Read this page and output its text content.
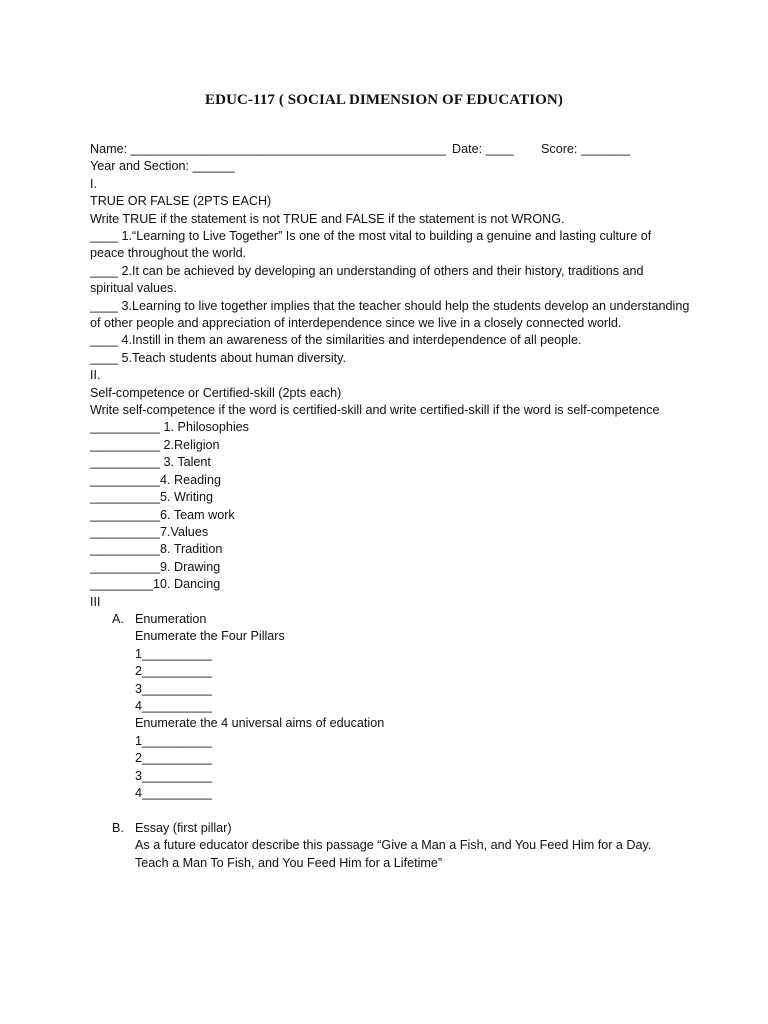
EDUC-117 ( SOCIAL DIMENSION OF EDUCATION)
Name: _____________________________________________ Date: ____ Score: _______
Year and Section: ______
I.
TRUE OR FALSE (2PTS EACH)
Write TRUE if the statement is not TRUE and FALSE if the statement is not WRONG.
____ 1.“Learning to Live Together” Is one of the most vital to building a genuine and lasting culture of peace throughout the world.
____ 2.It can be achieved by developing an understanding of others and their history, traditions and spiritual values.
____ 3.Learning to live together implies that the teacher should help the students develop an understanding of other people and appreciation of interdependence since we live in a closely connected world.
____ 4.Instill in them an awareness of the similarities and interdependence of all people.
____ 5.Teach students about human diversity.
II.
Self-competence or Certified-skill (2pts each)
Write self-competence if the word is certified-skill and write certified-skill if the word is self-competence
__________ 1. Philosophies
__________ 2.Religion
__________ 3. Talent
__________4. Reading
__________5. Writing
__________6. Team work
__________7.Values
__________8. Tradition
__________9. Drawing
_________10. Dancing
III
A. Enumeration
Enumerate the Four Pillars
1__________
2__________
3__________
4__________
Enumerate the 4 universal aims of education
1__________
2__________
3__________
4__________
B. Essay (first pillar)
As a future educator describe this passage “Give a Man a Fish, and You Feed Him for a Day.
Teach a Man To Fish, and You Feed Him for a Lifetime”
